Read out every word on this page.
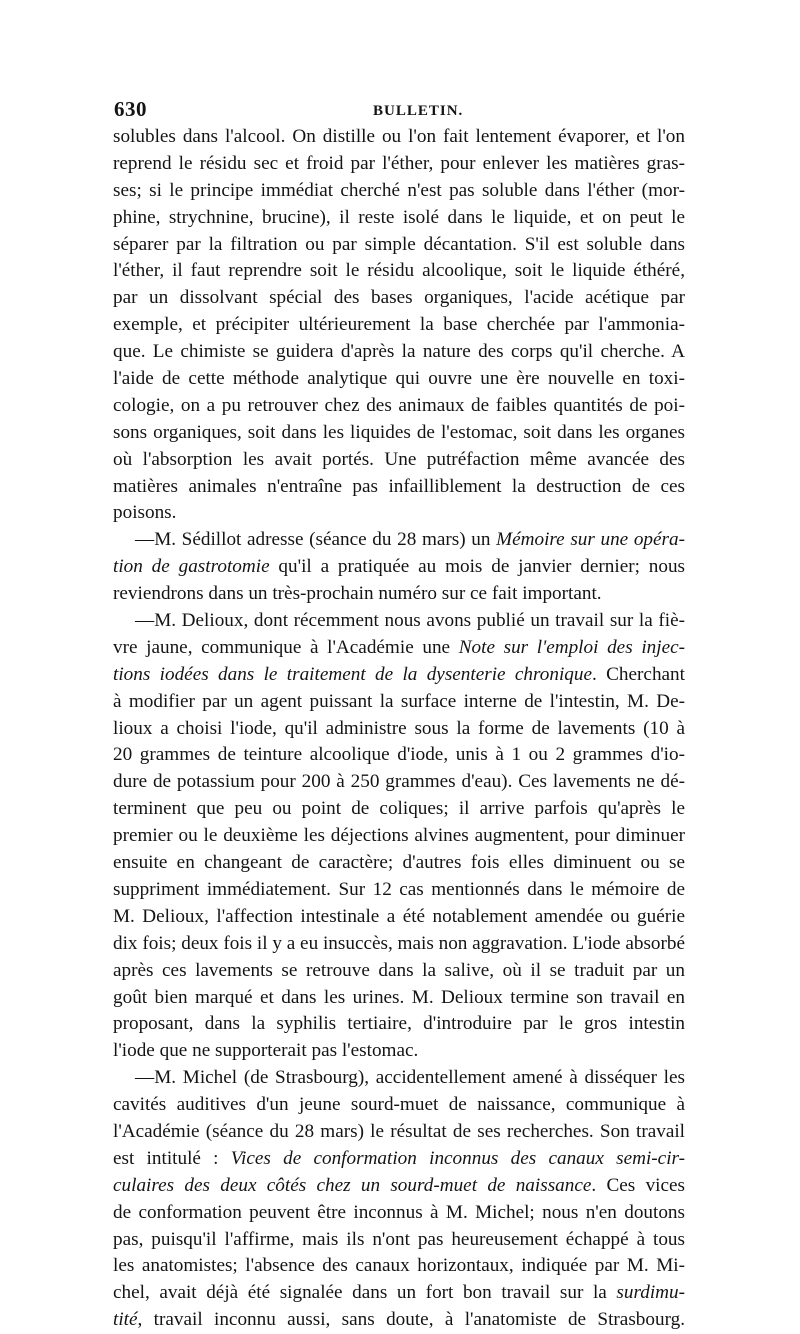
630	BULLETIN.
solubles dans l'alcool. On distille ou l'on fait lentement évaporer, et l'on
reprend le résidu sec et froid par l'éther, pour enlever les matières gras-
ses; si le principe immédiat cherché n'est pas soluble dans l'éther (mor-
phine, strychnine, brucine), il reste isolé dans le liquide, et on peut le
séparer par la filtration ou par simple décantation. S'il est soluble dans
l'éther, il faut reprendre soit le résidu alcoolique, soit le liquide éthéré,
par un dissolvant spécial des bases organiques, l'acide acétique par
exemple, et précipiter ultérieurement la base cherchée par l'ammonia-
que. Le chimiste se guidera d'après la nature des corps qu'il cherche. A
l'aide de cette méthode analytique qui ouvre une ère nouvelle en toxi-
cologie, on a pu retrouver chez des animaux de faibles quantités de poi-
sons organiques, soit dans les liquides de l'estomac, soit dans les organes
où l'absorption les avait portés. Une putréfaction même avancée des
matières animales n'entraîne pas infailliblement la destruction de ces
poisons.
—M. Sédillot adresse (séance du 28 mars) un Mémoire sur une opéra-
tion de gastrotomie qu'il a pratiquée au mois de janvier dernier; nous
reviendrons dans un très-prochain numéro sur ce fait important.
—M. Delioux, dont récemment nous avons publié un travail sur la fiè-
vre jaune, communique à l'Académie une Note sur l'emploi des injec-
tions iodées dans le traitement de la dysenterie chronique. Cherchant
à modifier par un agent puissant la surface interne de l'intestin, M. De-
lioux a choisi l'iode, qu'il administre sous la forme de lavements (10 à
20 grammes de teinture alcoolique d'iode, unis à 1 ou 2 grammes d'io-
dure de potassium pour 200 à 250 grammes d'eau). Ces lavements ne dé-
terminent que peu ou point de coliques; il arrive parfois qu'après le
premier ou le deuxième les déjections alvines augmentent, pour diminuer
ensuite en changeant de caractère; d'autres fois elles diminuent ou se
suppriment immédiatement. Sur 12 cas mentionnés dans le mémoire de
M. Delioux, l'affection intestinale a été notablement amendée ou guérie
dix fois; deux fois il y a eu insuccès, mais non aggravation. L'iode absorbé
après ces lavements se retrouve dans la salive, où il se traduit par un
goût bien marqué et dans les urines. M. Delioux termine son travail en
proposant, dans la syphilis tertiaire, d'introduire par le gros intestin
l'iode que ne supporterait pas l'estomac.
—M. Michel (de Strasbourg), accidentellement amené à disséquer les
cavités auditives d'un jeune sourd-muet de naissance, communique à
l'Académie (séance du 28 mars) le résultat de ses recherches. Son travail
est intitulé : Vices de conformation inconnus des canaux semi-cir-
culaires des deux côtés chez un sourd-muet de naissance. Ces vices
de conformation peuvent être inconnus à M. Michel; nous n'en doutons
pas, puisqu'il l'affirme, mais ils n'ont pas heureusement échappé à tous
les anatomistes; l'absence des canaux horizontaux, indiquée par M. Mi-
chel, avait déjà été signalée dans un fort bon travail sur la surdimu-
tité, travail inconnu aussi, sans doute, à l'anatomiste de Strasbourg.
